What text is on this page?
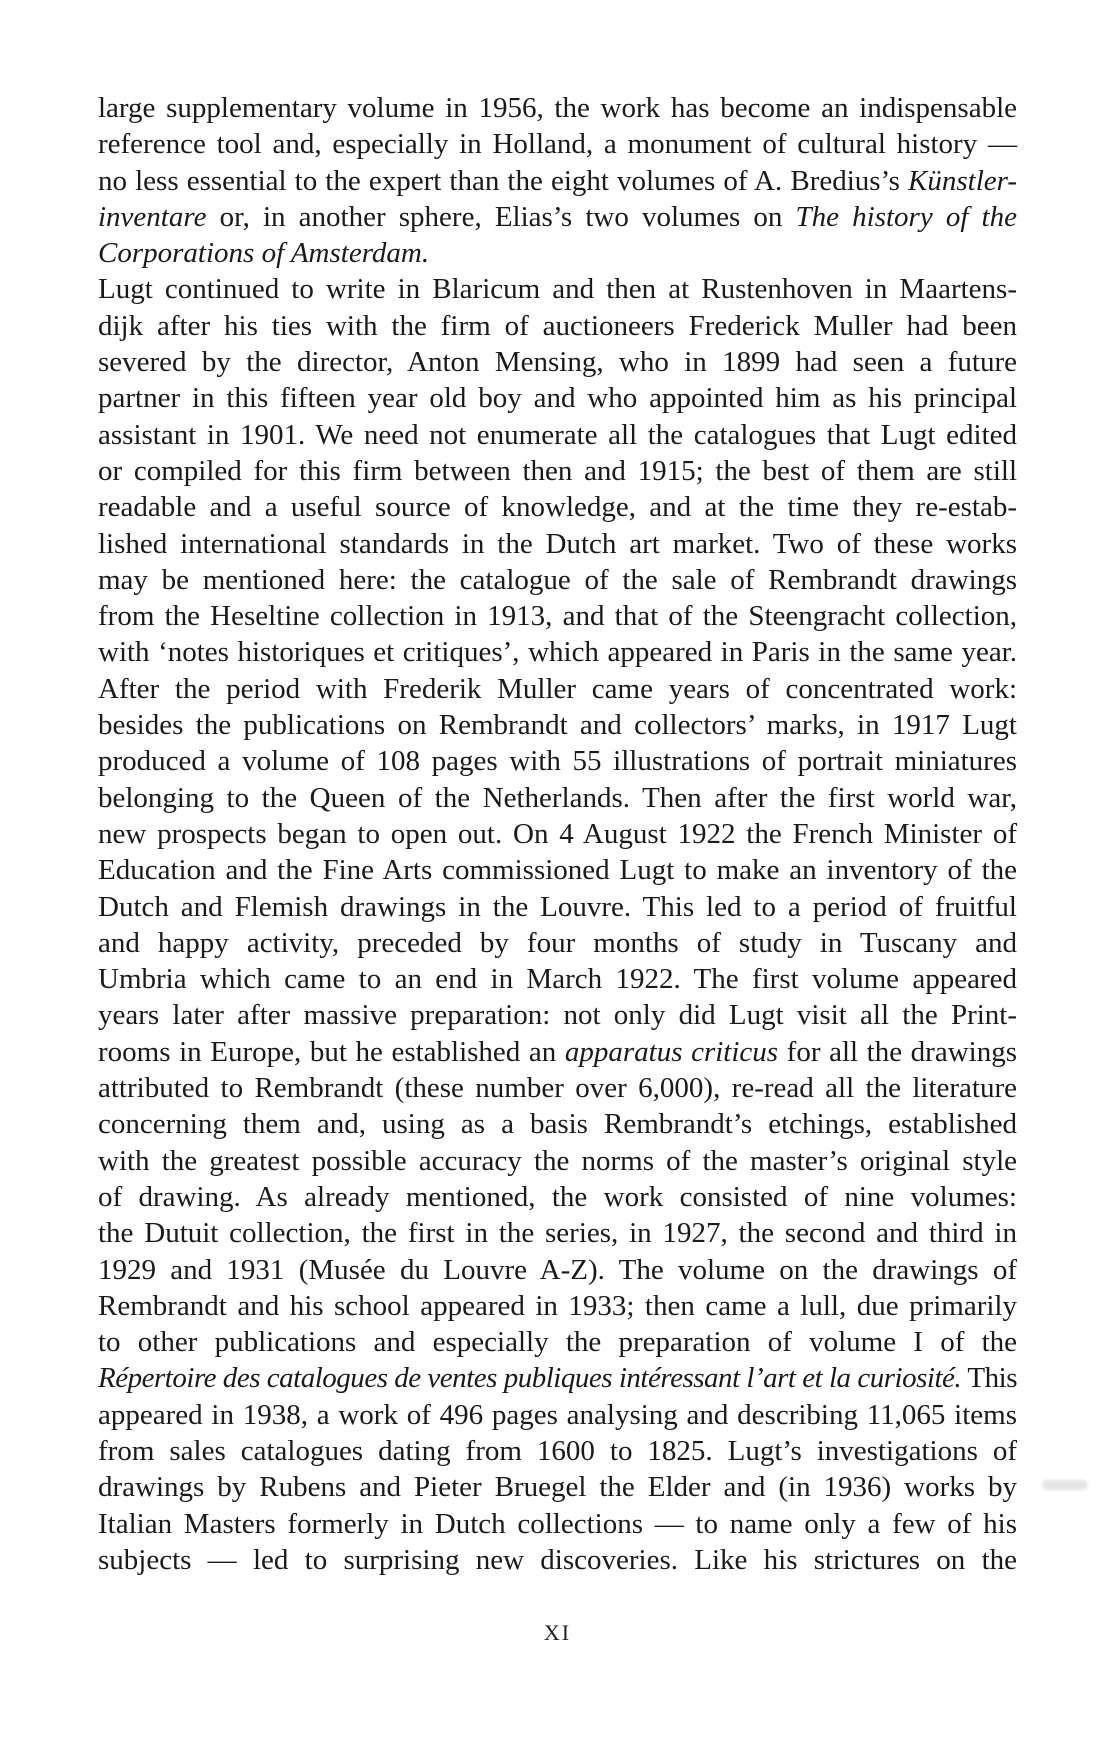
large supplementary volume in 1956, the work has become an indispensable
reference tool and, especially in Holland, a monument of cultural history —
no less essential to the expert than the eight volumes of A. Bredius’s Künstler-
inventare or, in another sphere, Elias’s two volumes on The history of the
Corporations of Amsterdam.
Lugt continued to write in Blaricum and then at Rustenhoven in Maartens-
dijk after his ties with the firm of auctioneers Frederick Muller had been
severed by the director, Anton Mensing, who in 1899 had seen a future
partner in this fifteen year old boy and who appointed him as his principal
assistant in 1901. We need not enumerate all the catalogues that Lugt edited
or compiled for this firm between then and 1915; the best of them are still
readable and a useful source of knowledge, and at the time they re-estab-
lished international standards in the Dutch art market. Two of these works
may be mentioned here: the catalogue of the sale of Rembrandt drawings
from the Heseltine collection in 1913, and that of the Steengracht collection,
with ‘notes historiques et critiques’, which appeared in Paris in the same year.
After the period with Frederik Muller came years of concentrated work:
besides the publications on Rembrandt and collectors’ marks, in 1917 Lugt
produced a volume of 108 pages with 55 illustrations of portrait miniatures
belonging to the Queen of the Netherlands. Then after the first world war,
new prospects began to open out. On 4 August 1922 the French Minister of
Education and the Fine Arts commissioned Lugt to make an inventory of the
Dutch and Flemish drawings in the Louvre. This led to a period of fruitful
and happy activity, preceded by four months of study in Tuscany and
Umbria which came to an end in March 1922. The first volume appeared
years later after massive preparation: not only did Lugt visit all the Print-
rooms in Europe, but he established an apparatus criticus for all the drawings
attributed to Rembrandt (these number over 6,000), re-read all the literature
concerning them and, using as a basis Rembrandt’s etchings, established
with the greatest possible accuracy the norms of the master’s original style
of drawing. As already mentioned, the work consisted of nine volumes:
the Dutuit collection, the first in the series, in 1927, the second and third in
1929 and 1931 (Musée du Louvre A-Z). The volume on the drawings of
Rembrandt and his school appeared in 1933; then came a lull, due primarily
to other publications and especially the preparation of volume I of the
Répertoire des catalogues de ventes publiques intéressant l’art et la curiosité. This
appeared in 1938, a work of 496 pages analysing and describing 11,065 items
from sales catalogues dating from 1600 to 1825. Lugt’s investigations of
drawings by Rubens and Pieter Bruegel the Elder and (in 1936) works by
Italian Masters formerly in Dutch collections — to name only a few of his
subjects — led to surprising new discoveries. Like his strictures on the
XI
